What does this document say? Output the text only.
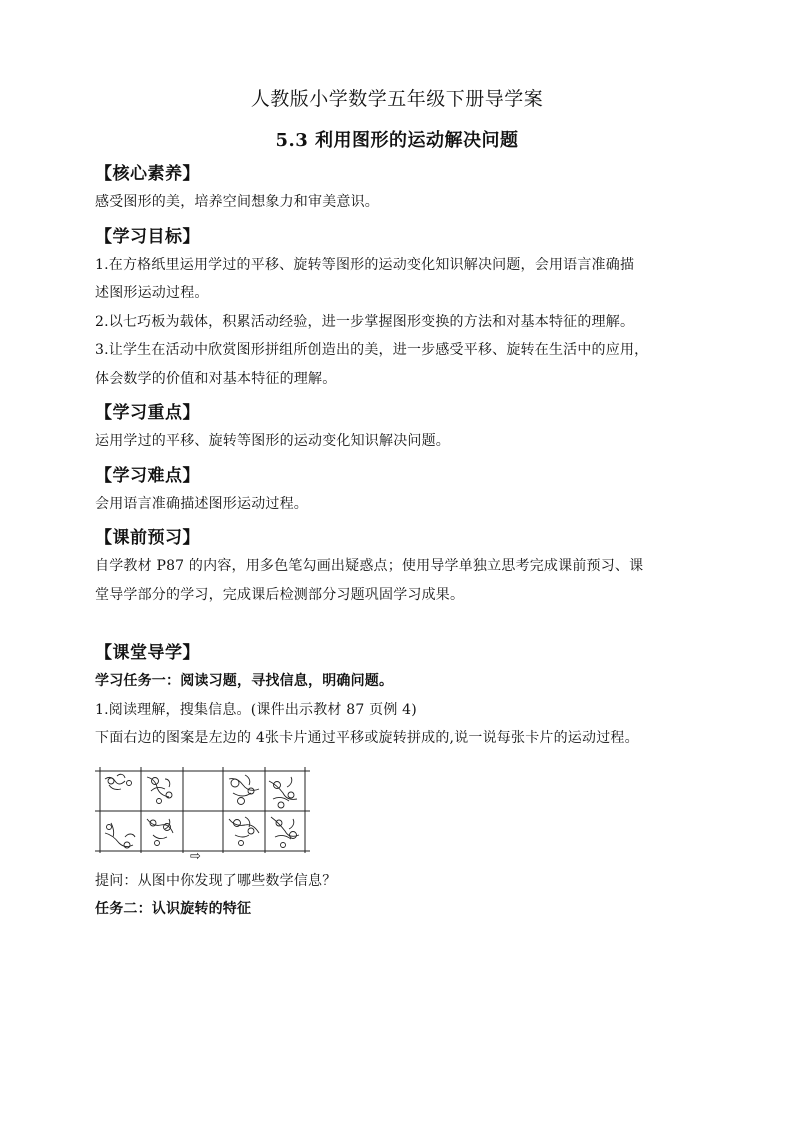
人教版小学数学五年级下册导学案
5.3 利用图形的运动解决问题

【核心素养】

感受图形的美，培养空间想象力和审美意识。

【学习目标】

1.在方格纸里运用学过的平移、旋转等图形的运动变化知识解决问题，会用语言准确描

述图形运动过程。

2.以七巧板为载体，积累活动经验，进一步掌握图形变换的方法和对基本特征的理解。

3.让学生在活动中欣赏图形拼组所创造出的美，进一步感受平移、旋转在生活中的应用，

体会数学的价值和对基本特征的理解。

【学习重点】

运用学过的平移、旋转等图形的运动变化知识解决问题。

【学习难点】

会用语言准确描述图形运动过程。

【课前预习】

自学教材 P87 的内容，用多色笔勾画出疑惑点；使用导学单独立思考完成课前预习、课

堂导学部分的学习，完成课后检测部分习题巩固学习成果。

【课堂导学】

学习任务一：阅读习题，寻找信息，明确问题。

1.阅读理解，搜集信息。(课件出示教材 87 页例 4)

下面右边的图案是左边的 4张卡片通过平移或旋转拼成的,说一说每张卡片的运动过程。

⇨

提问：从图中你发现了哪些数学信息？

任务二：认识旋转的特征
